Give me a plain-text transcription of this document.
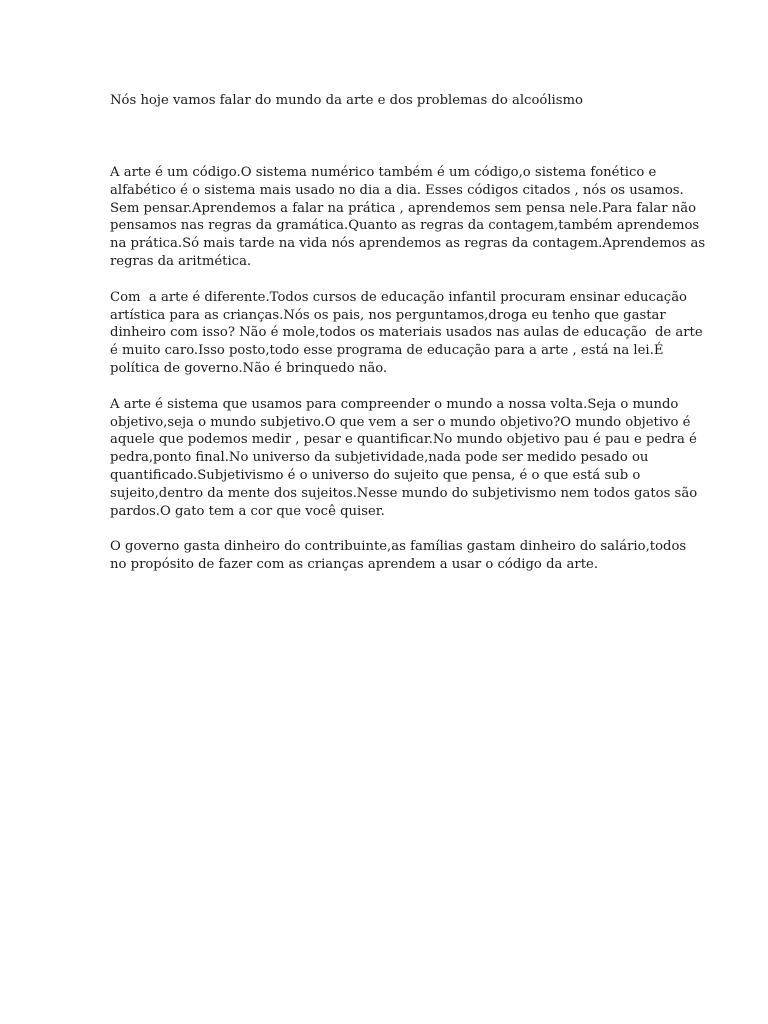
Nós hoje vamos falar do mundo da arte e dos problemas do alcoólismo

A arte é um código.O sistema numérico também é um código,o sistema fonético e
alfabético é o sistema mais usado no dia a dia. Esses códigos citados , nós os usamos.
Sem pensar.Aprendemos a falar na prática , aprendemos sem pensa nele.Para falar não
pensamos nas regras da gramática.Quanto as regras da contagem,também aprendemos
na prática.Só mais tarde na vida nós aprendemos as regras da contagem.Aprendemos as
regras da aritmética.

Com  a arte é diferente.Todos cursos de educação infantil procuram ensinar educação
artística para as crianças.Nós os pais, nos perguntamos,droga eu tenho que gastar
dinheiro com isso? Não é mole,todos os materiais usados nas aulas de educação  de arte
é muito caro.Isso posto,todo esse programa de educação para a arte , está na lei.É
política de governo.Não é brinquedo não.

A arte é sistema que usamos para compreender o mundo a nossa volta.Seja o mundo
objetivo,seja o mundo subjetivo.O que vem a ser o mundo objetivo?O mundo objetivo é
aquele que podemos medir , pesar e quantificar.No mundo objetivo pau é pau e pedra é
pedra,ponto final.No universo da subjetividade,nada pode ser medido pesado ou
quantificado.Subjetivismo é o universo do sujeito que pensa, é o que está sub o
sujeito,dentro da mente dos sujeitos.Nesse mundo do subjetivismo nem todos gatos são
pardos.O gato tem a cor que você quiser.

O governo gasta dinheiro do contribuinte,as famílias gastam dinheiro do salário,todos
no propósito de fazer com as crianças aprendem a usar o código da arte.
